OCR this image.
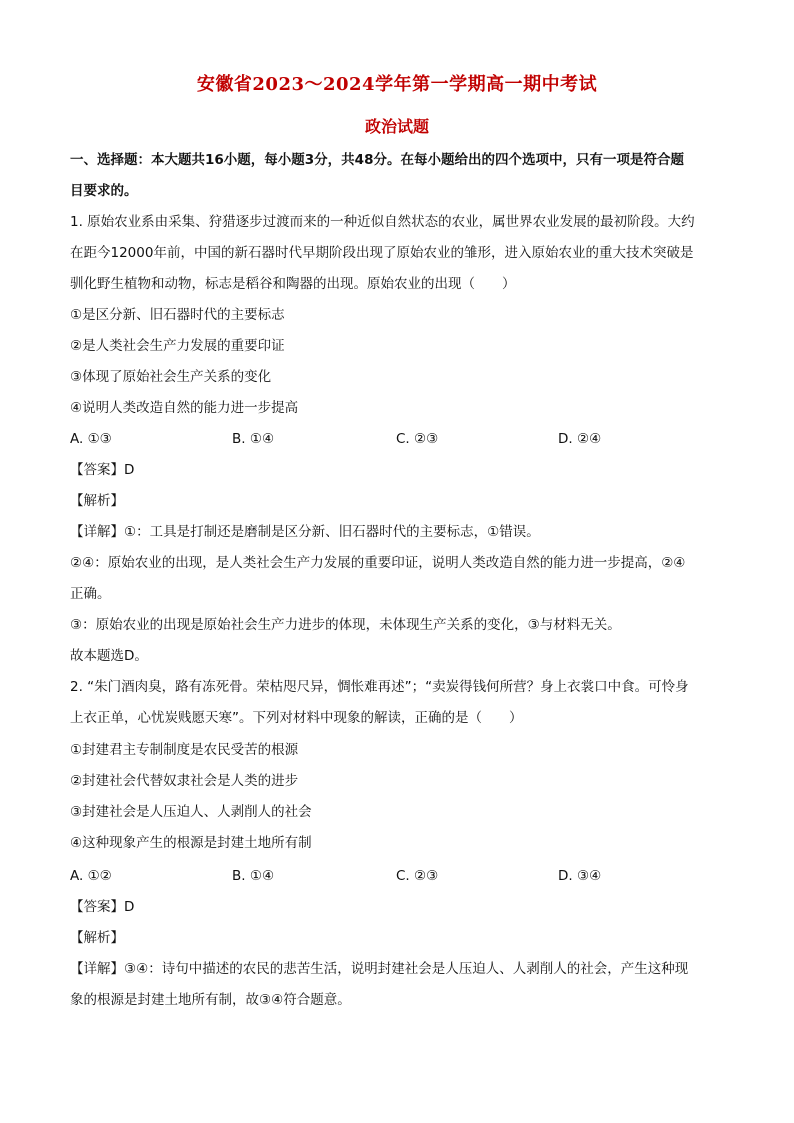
安徽省2023～2024学年第一学期高一期中考试
政治试题
一、选择题：本大题共16小题，每小题3分，共48分。在每小题给出的四个选项中，只有一项是符合题
目要求的。
1. 原始农业系由采集、狩猎逐步过渡而来的一种近似自然状态的农业，属世界农业发展的最初阶段。大约
在距今12000年前，中国的新石器时代早期阶段出现了原始农业的雏形，进入原始农业的重大技术突破是
驯化野生植物和动物，标志是稻谷和陶器的出现。原始农业的出现（　　）
①是区分新、旧石器时代的主要标志
②是人类社会生产力发展的重要印证
③体现了原始社会生产关系的变化
④说明人类改造自然的能力进一步提高
A. ①③	B. ①④	C. ②③	D. ②④
【答案】D
【解析】
【详解】①：工具是打制还是磨制是区分新、旧石器时代的主要标志，①错误。
②④：原始农业的出现，是人类社会生产力发展的重要印证，说明人类改造自然的能力进一步提高，②④
正确。
③：原始农业的出现是原始社会生产力进步的体现，未体现生产关系的变化，③与材料无关。
故本题选D。
2. “朱门酒肉臭，路有冻死骨。荣枯咫尺异，惆怅难再述”；“卖炭得钱何所营？身上衣裳口中食。可怜身
上衣正单，心忧炭贱愿天寒”。下列对材料中现象的解读，正确的是（　　）
①封建君主专制制度是农民受苦的根源
②封建社会代替奴隶社会是人类的进步
③封建社会是人压迫人、人剥削人的社会
④这种现象产生的根源是封建土地所有制
A. ①②	B. ①④	C. ②③	D. ③④
【答案】D
【解析】
【详解】③④：诗句中描述的农民的悲苦生活，说明封建社会是人压迫人、人剥削人的社会，产生这种现
象的根源是封建土地所有制，故③④符合题意。
